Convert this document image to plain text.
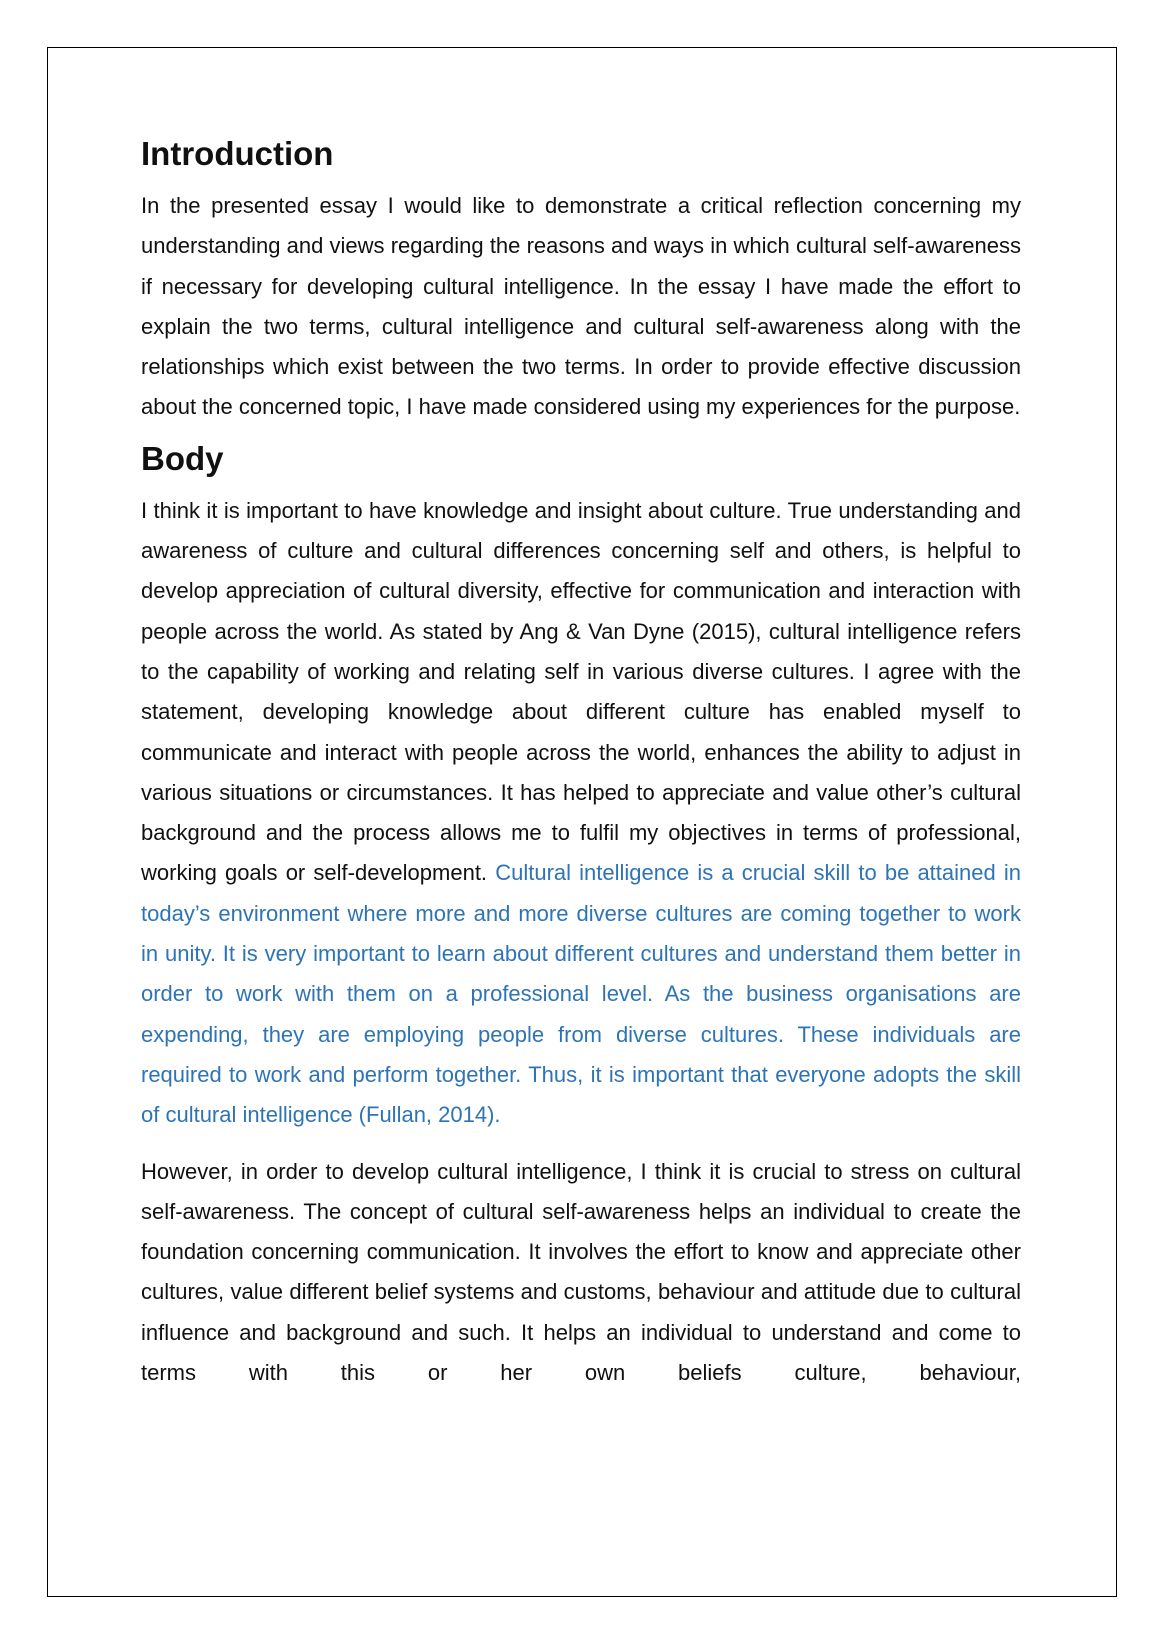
Introduction

In the presented essay I would like to demonstrate a critical reflection concerning my understanding and views regarding the reasons and ways in which cultural self-awareness if necessary for developing cultural intelligence. In the essay I have made the effort to explain the two terms, cultural intelligence and cultural self-awareness along with the relationships which exist between the two terms. In order to provide effective discussion about the concerned topic, I have made considered using my experiences for the purpose.

Body

I think it is important to have knowledge and insight about culture. True understanding and awareness of culture and cultural differences concerning self and others, is helpful to develop appreciation of cultural diversity, effective for communication and interaction with people across the world. As stated by Ang & Van Dyne (2015), cultural intelligence refers to the capability of working and relating self in various diverse cultures. I agree with the statement, developing knowledge about different culture has enabled myself to communicate and interact with people across the world, enhances the ability to adjust in various situations or circumstances. It has helped to appreciate and value other’s cultural background and the process allows me to fulfil my objectives in terms of professional, working goals or self-development. Cultural intelligence is a crucial skill to be attained in today’s environment where more and more diverse cultures are coming together to work in unity. It is very important to learn about different cultures and understand them better in order to work with them on a professional level. As the business organisations are expending, they are employing people from diverse cultures. These individuals are required to work and perform together. Thus, it is important that everyone adopts the skill of cultural intelligence (Fullan, 2014).

However, in order to develop cultural intelligence, I think it is crucial to stress on cultural self-awareness. The concept of cultural self-awareness helps an individual to create the foundation concerning communication. It involves the effort to know and appreciate other cultures, value different belief systems and customs, behaviour and attitude due to cultural influence and background and such. It helps an individual to understand and come to terms with this or her own beliefs culture, behaviour,
